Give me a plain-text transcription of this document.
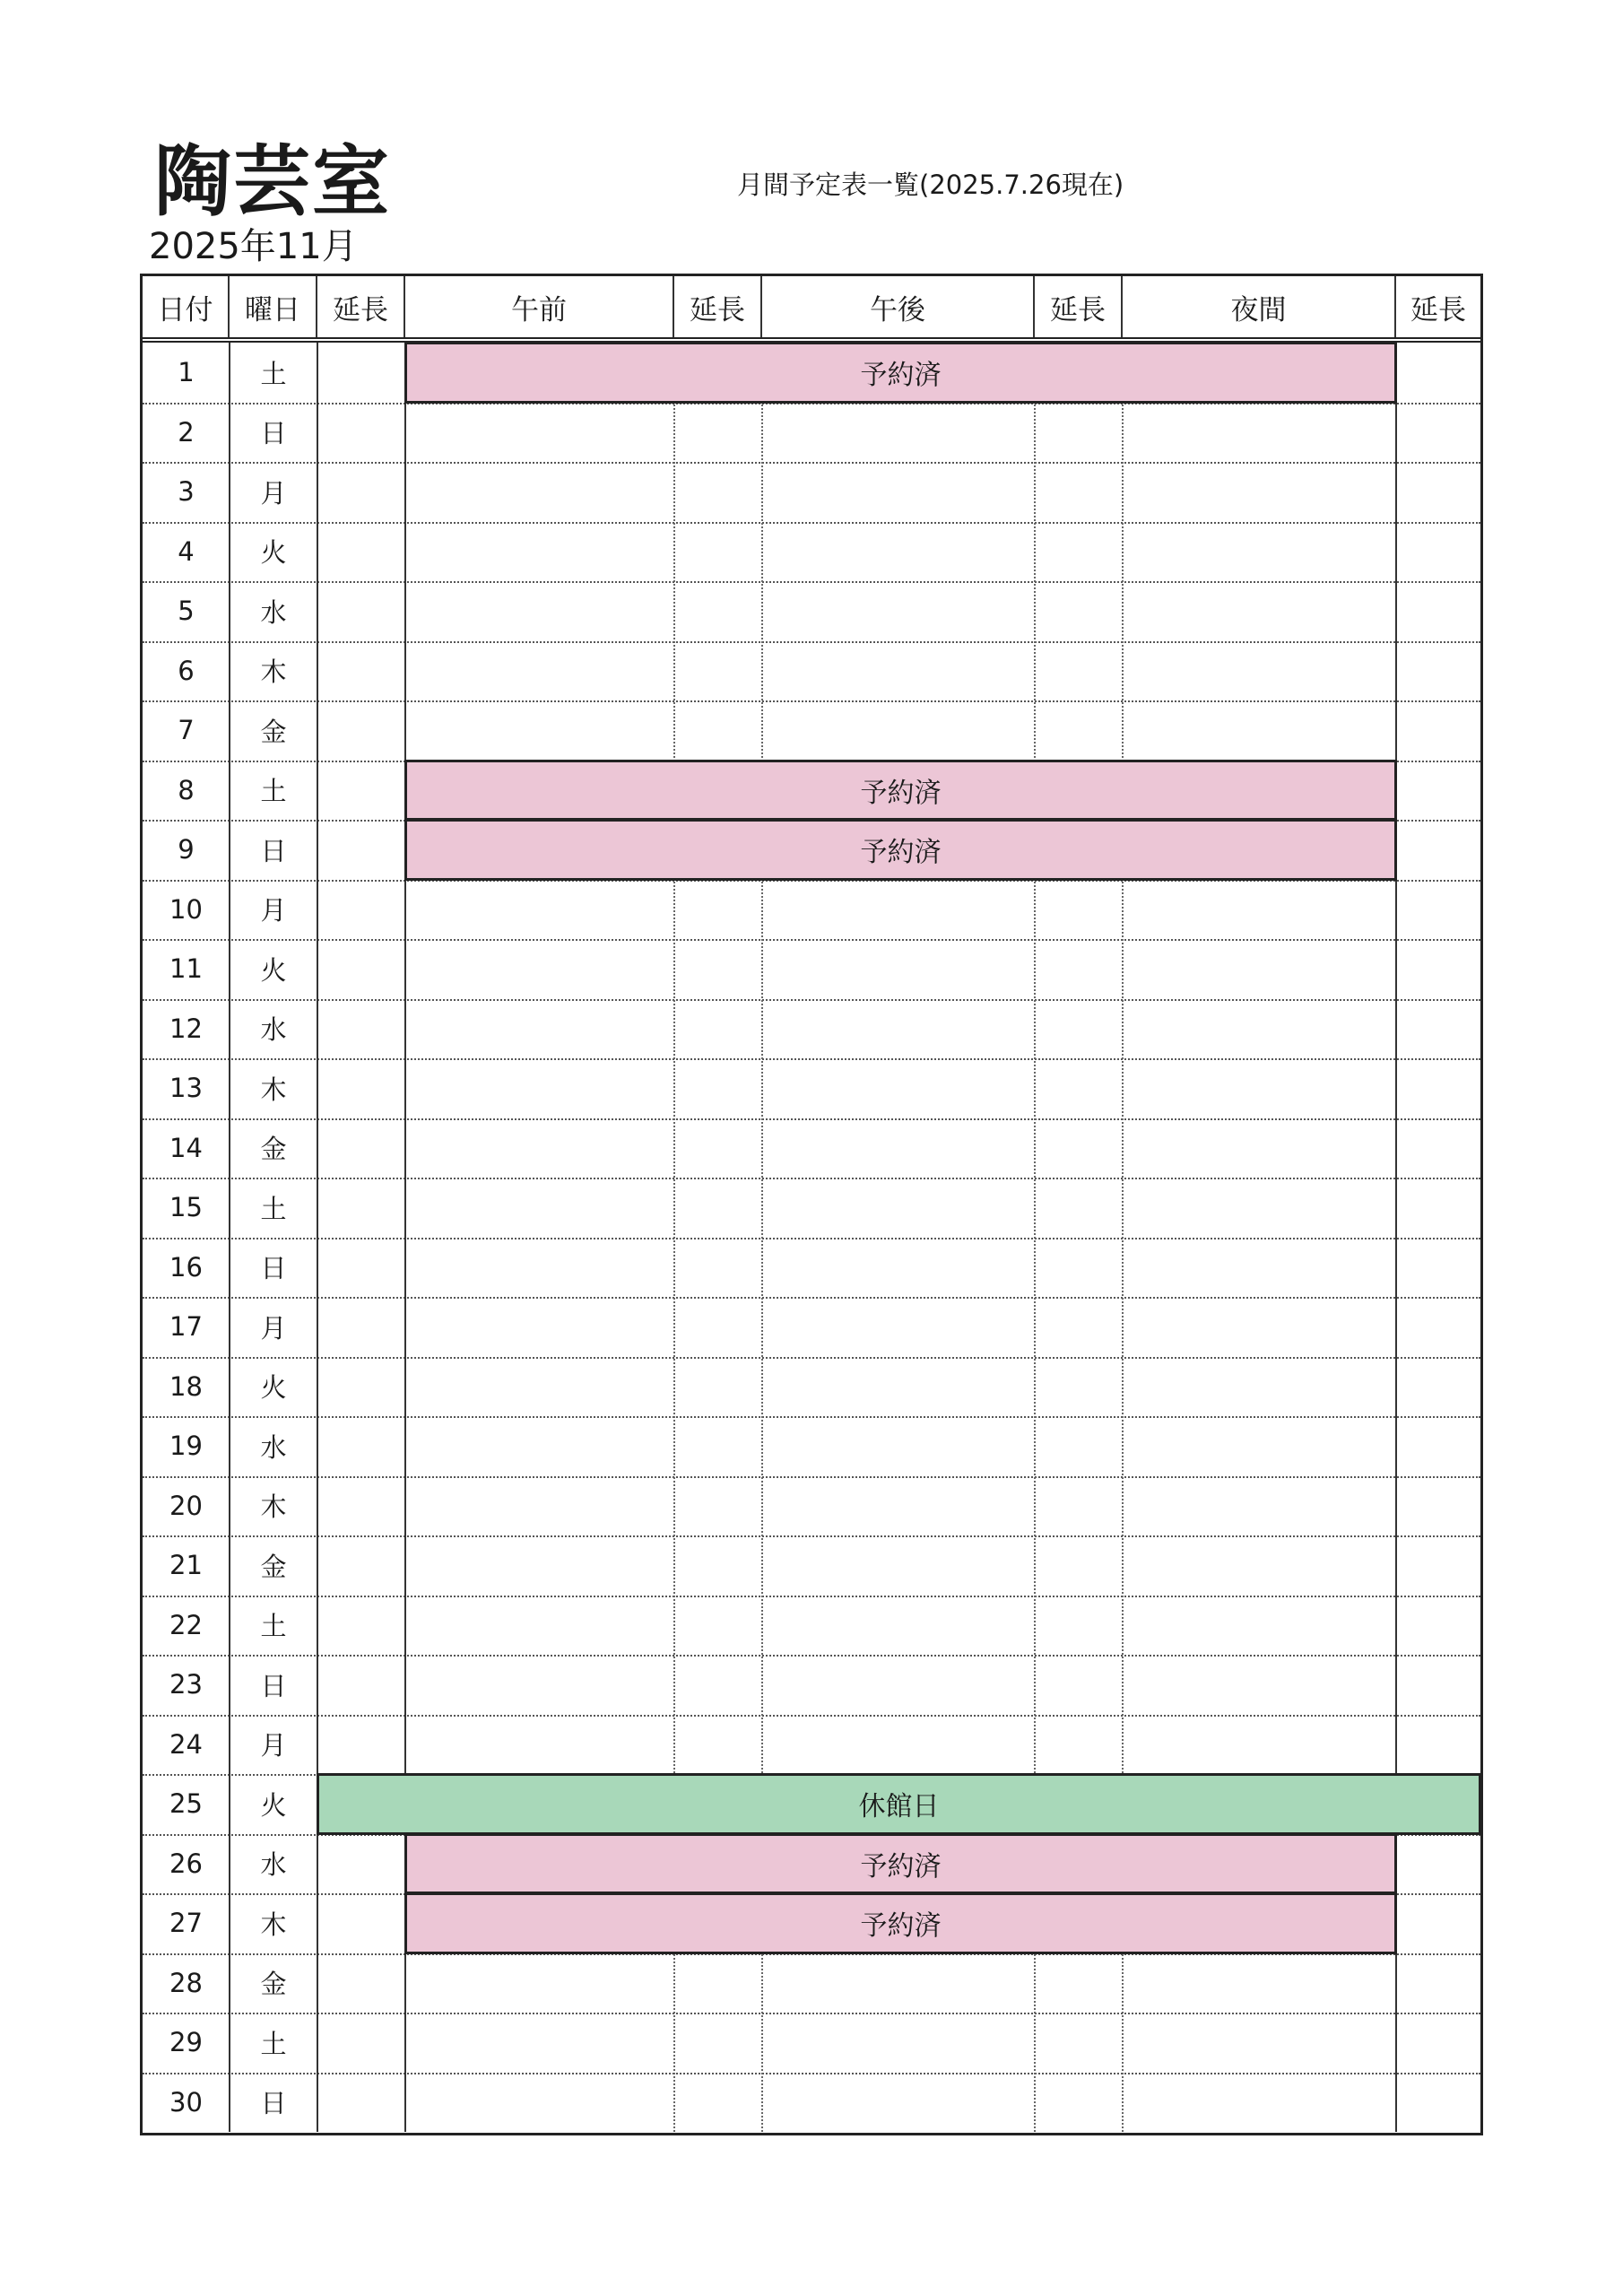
陶芸室
2025年11月
月間予定表一覧(2025.7.26現在)
日付	曜日	延長	午前	延長	午後	延長	夜間	延長
1	土	予約済
2	日
3	月
4	火
5	水
6	木
7	金
8	土	予約済
9	日	予約済
10	月
11	火
12	水
13	木
14	金
15	土
16	日
17	月
18	火
19	水
20	木
21	金
22	土
23	日
24	月
25	火	休館日
26	水	予約済
27	木	予約済
28	金
29	土
30	日
